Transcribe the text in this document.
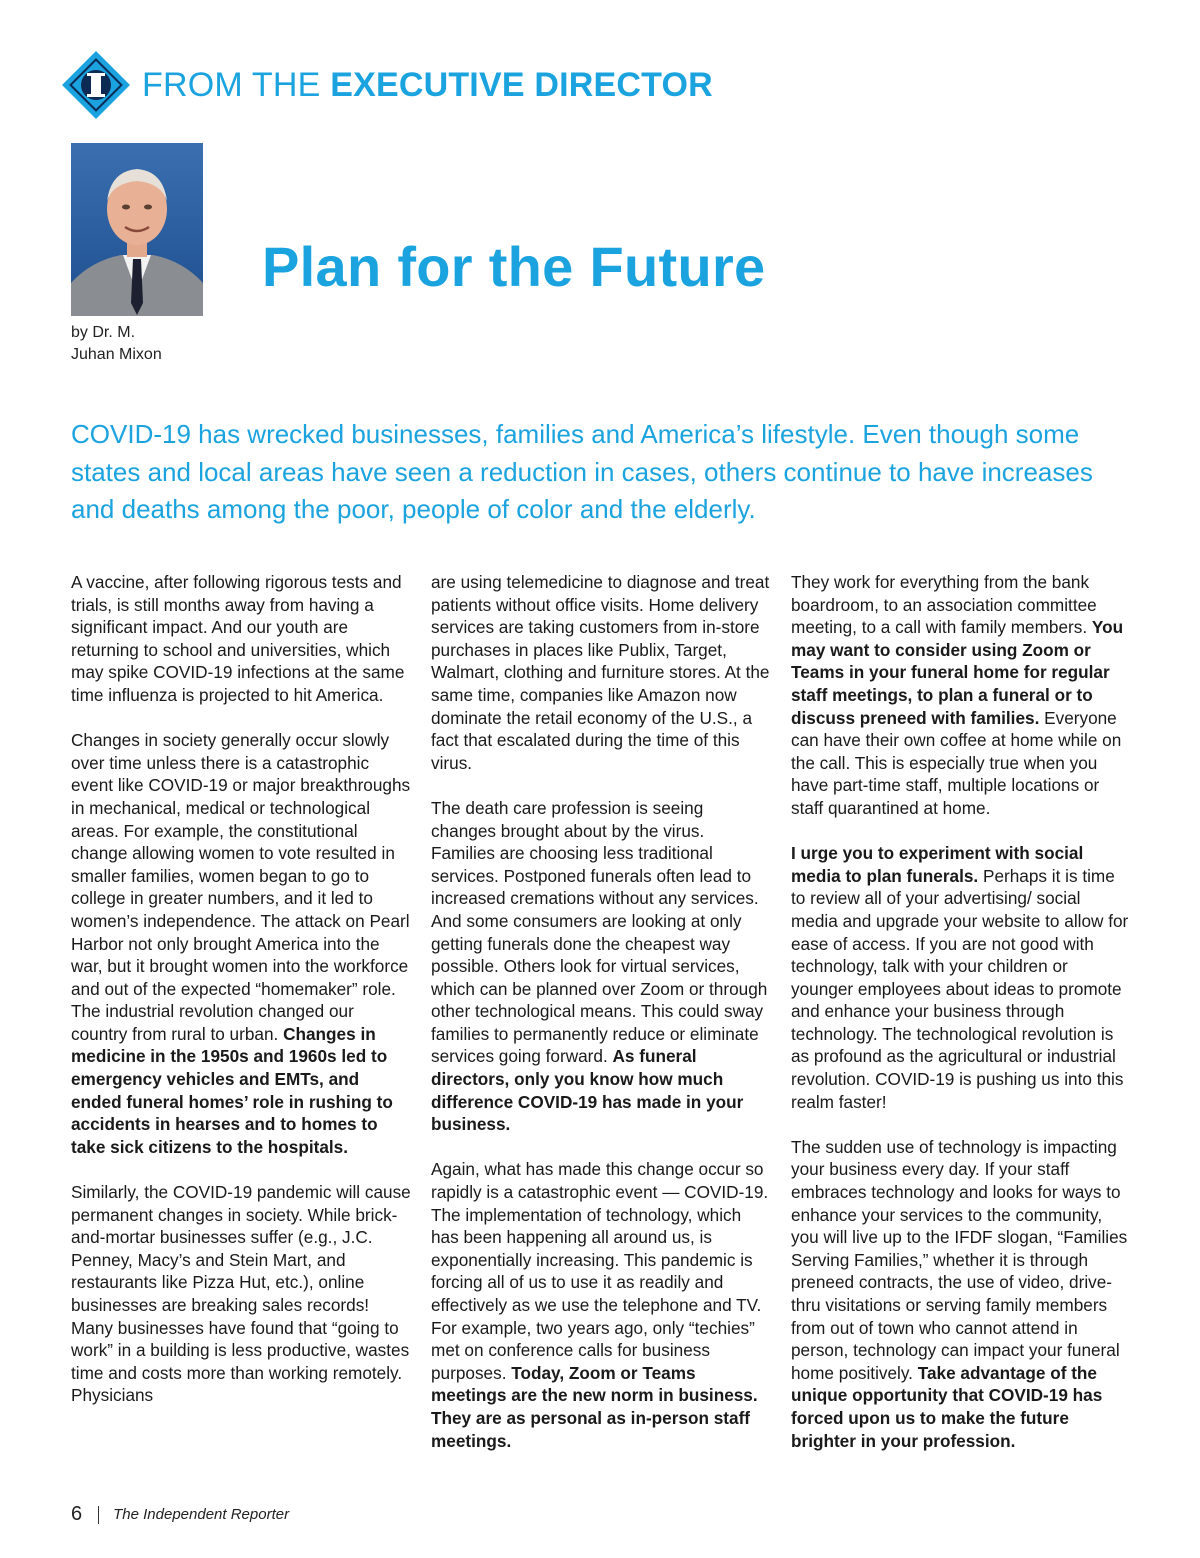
FROM THE EXECUTIVE DIRECTOR
by Dr. M.
Juhan Mixon
Plan for the Future

COVID-19 has wrecked businesses, families and America’s lifestyle. Even though some states and local areas have seen a reduction in cases, others continue to have increases and deaths among the poor, people of color and the elderly.

A vaccine, after following rigorous tests and trials, is still months away from having a significant impact. And our youth are returning to school and universities, which may spike COVID-19 infections at the same time influenza is projected to hit America.

Changes in society generally occur slowly over time unless there is a catastrophic event like COVID-19 or major breakthroughs in mechanical, medical or technological areas. For example, the constitutional change allowing women to vote resulted in smaller families, women began to go to college in greater numbers, and it led to women’s independence. The attack on Pearl Harbor not only brought America into the war, but it brought women into the workforce and out of the expected “homemaker” role. The industrial revolution changed our country from rural to urban. Changes in medicine in the 1950s and 1960s led to emergency vehicles and EMTs, and ended funeral homes’ role in rushing to accidents in hearses and to homes to take sick citizens to the hospitals.

Similarly, the COVID-19 pandemic will cause permanent changes in society. While brick-and-mortar businesses suffer (e.g., J.C. Penney, Macy’s and Stein Mart, and restaurants like Pizza Hut, etc.), online businesses are breaking sales records! Many businesses have found that “going to work” in a building is less productive, wastes time and costs more than working remotely. Physicians

are using telemedicine to diagnose and treat patients without office visits. Home delivery services are taking customers from in-store purchases in places like Publix, Target, Walmart, clothing and furniture stores. At the same time, companies like Amazon now dominate the retail economy of the U.S., a fact that escalated during the time of this virus.

The death care profession is seeing changes brought about by the virus. Families are choosing less traditional services. Postponed funerals often lead to increased cremations without any services. And some consumers are looking at only getting funerals done the cheapest way possible. Others look for virtual services, which can be planned over Zoom or through other technological means. This could sway families to permanently reduce or eliminate services going forward. As funeral directors, only you know how much difference COVID-19 has made in your business.

Again, what has made this change occur so rapidly is a catastrophic event — COVID-19. The implementation of technology, which has been happening all around us, is exponentially increasing. This pandemic is forcing all of us to use it as readily and effectively as we use the telephone and TV. For example, two years ago, only “techies” met on conference calls for business purposes. Today, Zoom or Teams meetings are the new norm in business. They are as personal as in-person staff meetings.

They work for everything from the bank boardroom, to an association committee meeting, to a call with family members. You may want to consider using Zoom or Teams in your funeral home for regular staff meetings, to plan a funeral or to discuss preneed with families. Everyone can have their own coffee at home while on the call. This is especially true when you have part-time staff, multiple locations or staff quarantined at home.

I urge you to experiment with social media to plan funerals. Perhaps it is time to review all of your advertising/ social media and upgrade your website to allow for ease of access. If you are not good with technology, talk with your children or younger employees about ideas to promote and enhance your business through technology. The technological revolution is as profound as the agricultural or industrial revolution. COVID-19 is pushing us into this realm faster!

The sudden use of technology is impacting your business every day. If your staff embraces technology and looks for ways to enhance your services to the community, you will live up to the IFDF slogan, “Families Serving Families,” whether it is through preneed contracts, the use of video, drive-thru visitations or serving family members from out of town who cannot attend in person, technology can impact your funeral home positively. Take advantage of the unique opportunity that COVID-19 has forced upon us to make the future brighter in your profession.

6 The Independent Reporter
